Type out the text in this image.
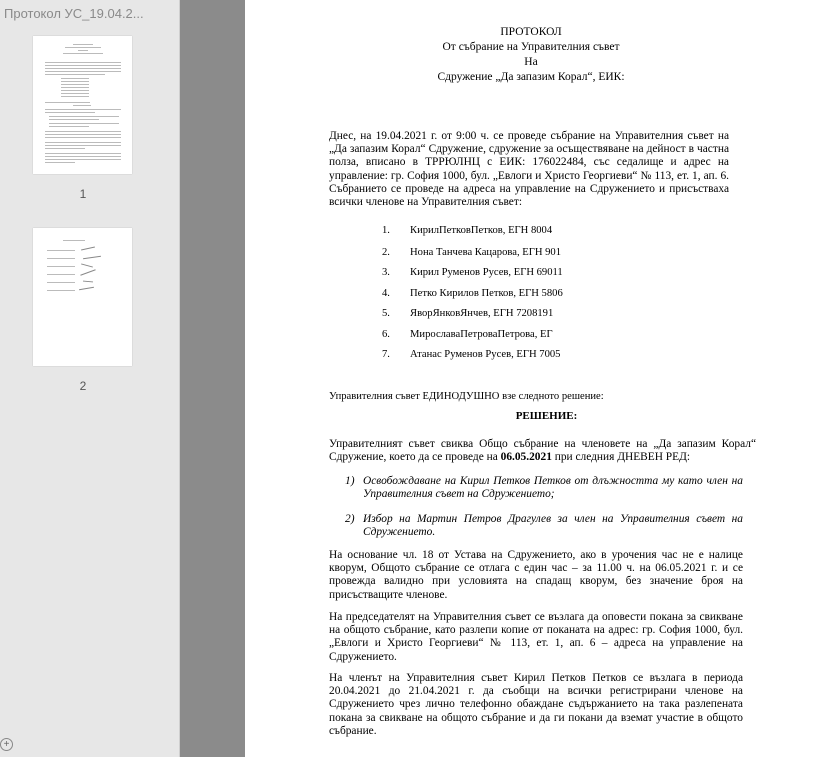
Протокол УС_19.04.2...
1
2
+
ПРОТОКОЛ
От събрание на Управителния съвет
На
Сдружение „Да запазим Корал“, ЕИК:
Днес, на 19.04.2021 г. от 9:00 ч. се проведе събрание на Управителния съвет на „Да запазим Корал“ Сдружение, сдружение за осъществяване на дейност в частна полза, вписано в ТРРЮЛНЦ с ЕИК: 176022484, със седалище и адрес на управление: гр. София 1000, бул. „Евлоги и Христо Георгиеви“ № 113, ет. 1, ап. 6. Събранието се проведе на адреса на управление на Сдружението и присъстваха всички членове на Управителния съвет:
1. КирилПетковПетков, ЕГН 8004
2. Нона Танчева Кацарова, ЕГН 901
3. Кирил Руменов Русев, ЕГН 69011
4. Петко Кирилов Петков, ЕГН 5806
5. ЯворЯнковЯнчев, ЕГН 7208191
6. МирославаПетроваПетрова, ЕГ
7. Атанас Руменов Русев, ЕГН 7005
Управителния съвет ЕДИНОДУШНО взе следното решение:
РЕШЕНИЕ:
Управителният съвет свиква Общо събрание на членовете на „Да запазим Корал“ Сдружение, което да се проведе на 06.05.2021 при следния ДНЕВЕН РЕД:
1) Освобождаване на Кирил Петков Петков от длъжността му като член на Управителния съвет на Сдружението;
2) Избор на Мартин Петров Драгулев за член на Управителния съвет на Сдружението.
На основание чл. 18 от Устава на Сдружението, ако в урочения час не е налице кворум, Общото събрание се отлага с един час – за 11.00 ч. на 06.05.2021 г. и се провежда валидно при условията на спадащ кворум, без значение броя на присъстващите членове.
На председателят на Управителния съвет се възлага да оповести покана за свикване на общото събрание, като разлепи копие от поканата на адрес: гр. София 1000, бул. „Евлоги и Христо Георгиеви“ № 113, ет. 1, ап. 6 – адреса на управление на Сдружението.
На членът на Управителния съвет Кирил Петков Петков се възлага в периода 20.04.2021 до 21.04.2021 г. да съобщи на всички регистрирани членове на Сдружението чрез лично телефонно обаждане съдържанието на така разлепената покана за свикване на общото събрание и да ги покани да вземат участие в общото събрание.
